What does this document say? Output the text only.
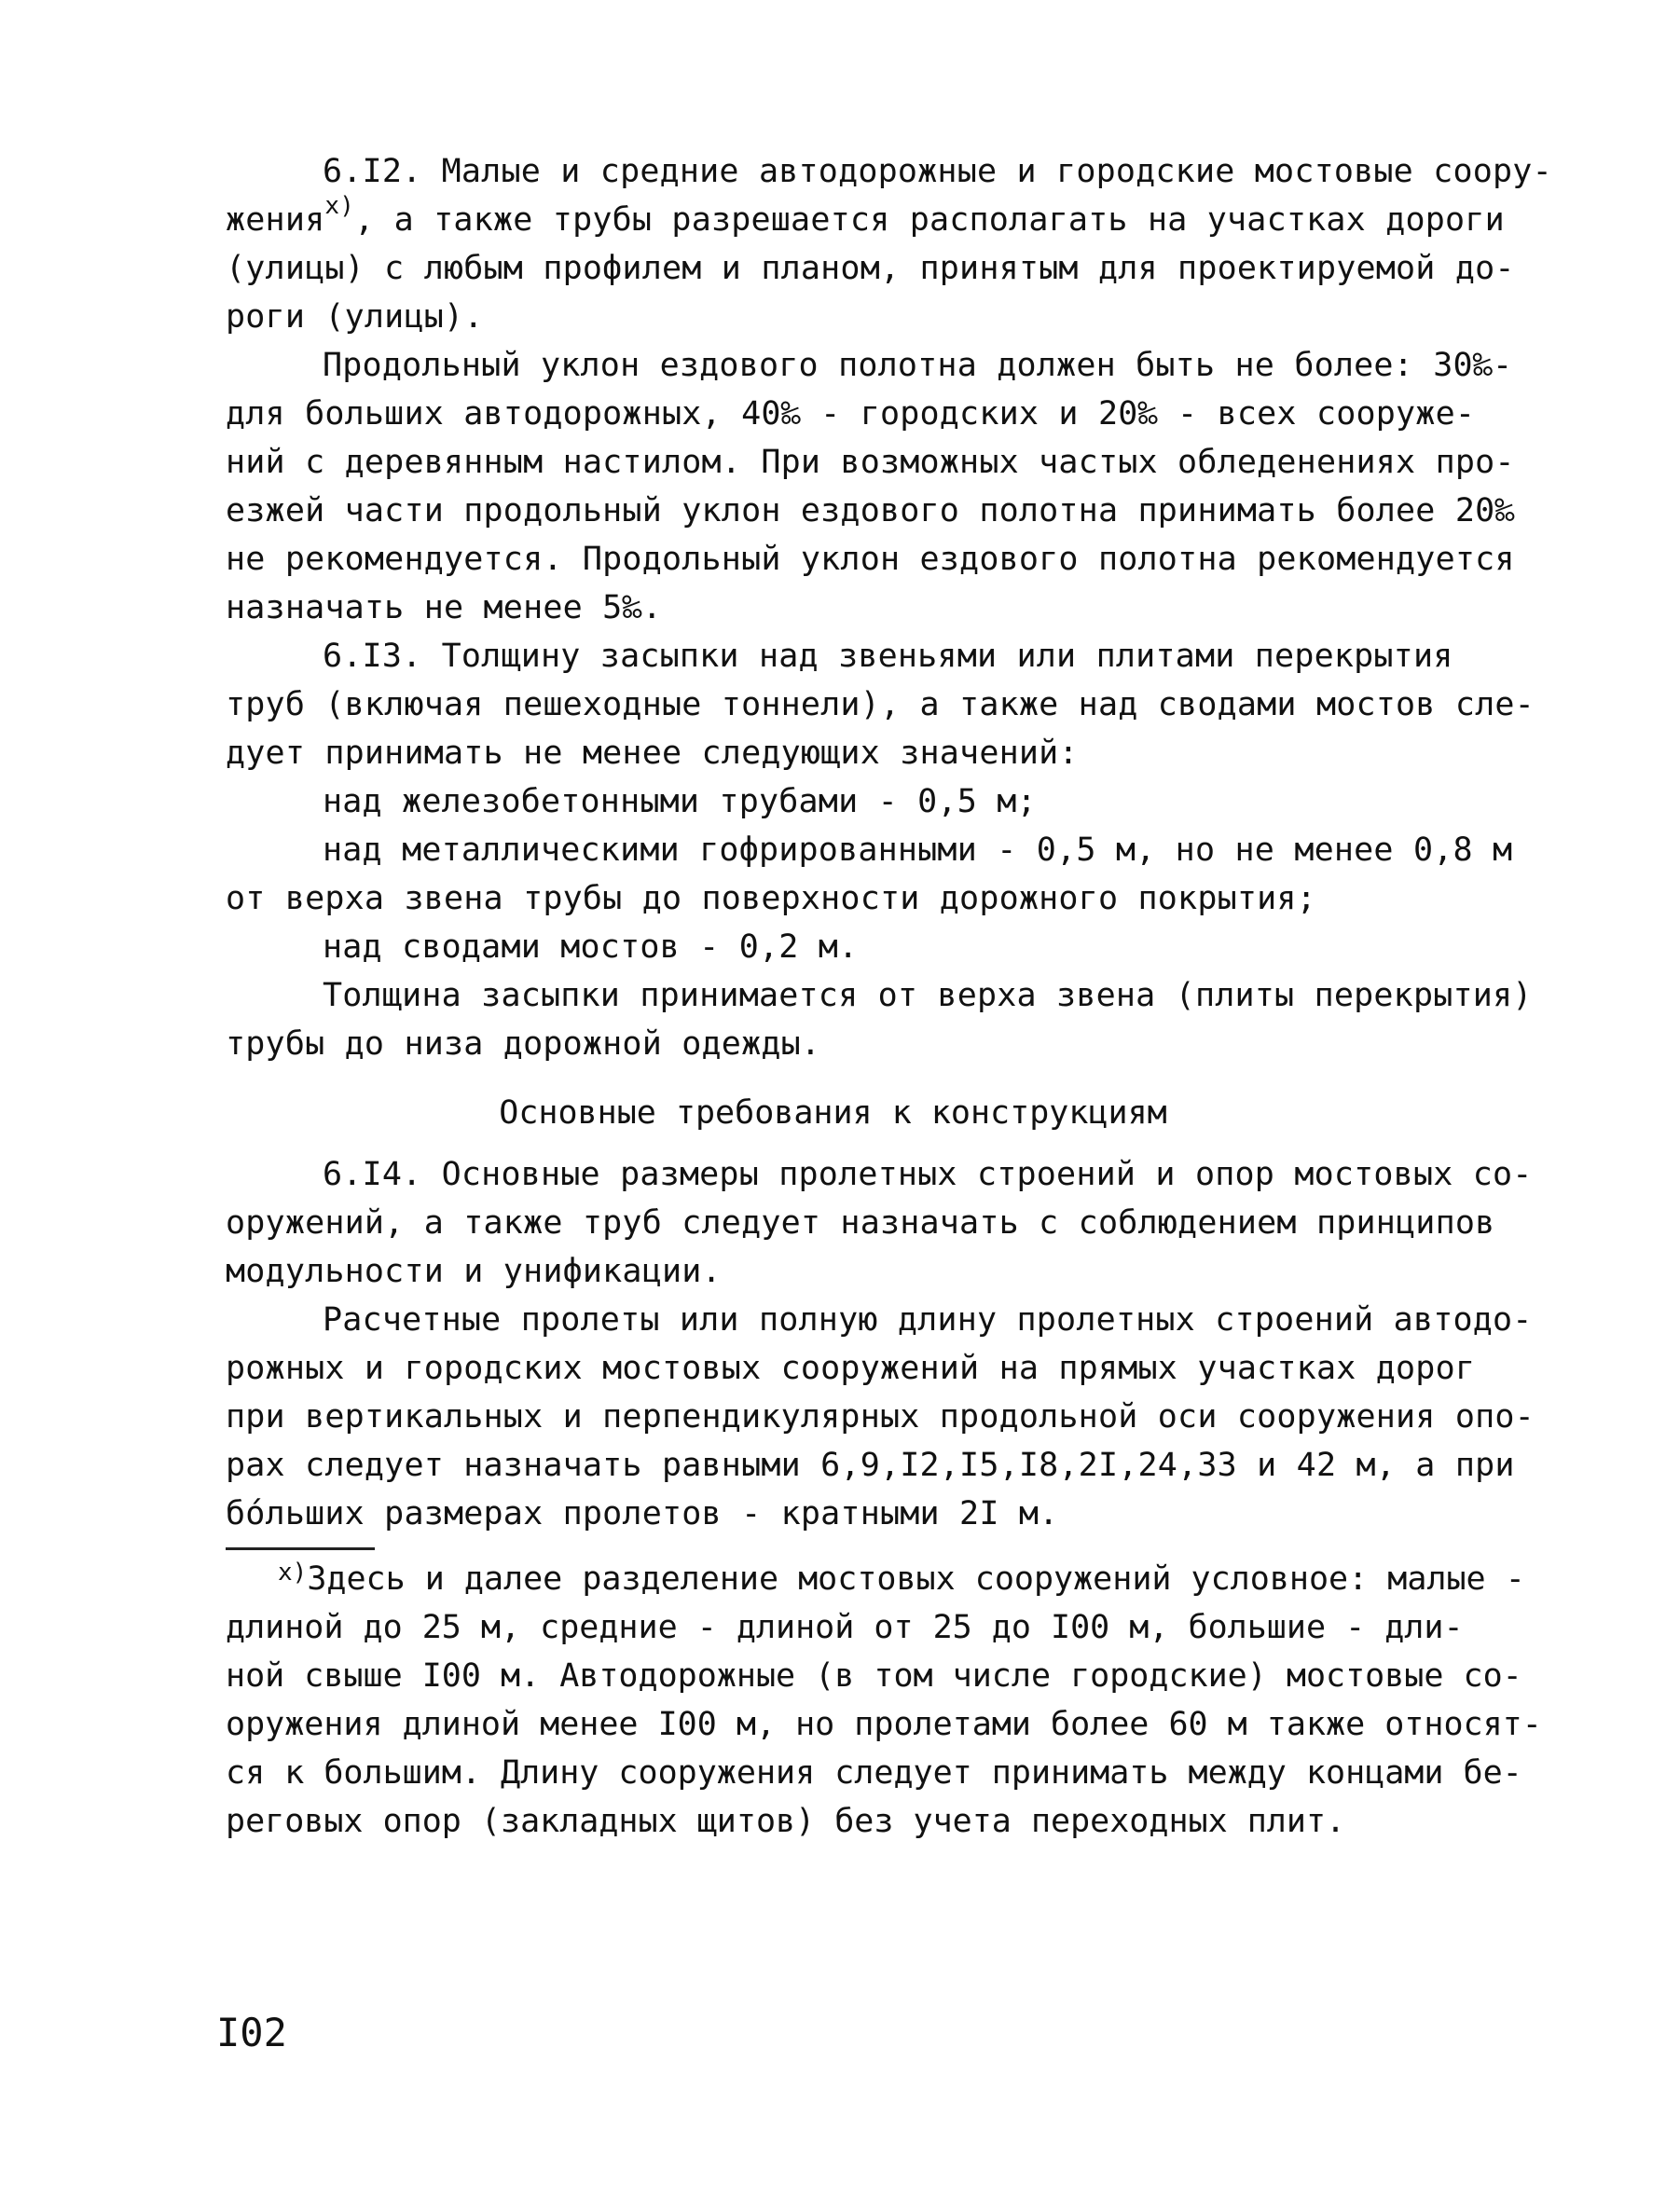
6.I2. Малые и средние автодорожные и городские мостовые соору-
жения$^{x)}$, а также трубы разрешается располагать на участках дороги
(улицы) с любым профилем и планом, принятым для проектируемой до-
роги (улицы).
Продольный уклон ездового полотна должен быть не более: 30‰-
для больших автодорожных, 40‰ - городских и 20‰ - всех сооруже-
ний с деревянным настилом. При возможных частых обледенениях про-
езжей части продольный уклон ездового полотна принимать более 20‰
не рекомендуется. Продольный уклон ездового полотна рекомендуется
назначать не менее 5‰.
6.I3. Толщину засыпки над звеньями или плитами перекрытия
труб (включая пешеходные тоннели), а также над сводами мостов сле-
дует принимать не менее следующих значений:
над железобетонными трубами - 0,5 м;
над металлическими гофрированными - 0,5 м, но не менее 0,8 м
от верха звена трубы до поверхности дорожного покрытия;
над сводами мостов - 0,2 м.
Толщина засыпки принимается от верха звена (плиты перекрытия)
трубы до низа дорожной одежды.
Основные требования к конструкциям
6.I4. Основные размеры пролетных строений и опор мостовых со-
оружений, а также труб следует назначать с соблюдением принципов
модульности и унификации.
Расчетные пролеты или полную длину пролетных строений автодо-
рожных и городских мостовых сооружений на прямых участках дорог
при вертикальных и перпендикулярных продольной оси сооружения опо-
рах следует назначать равными 6,9,I2,I5,I8,2I,24,33 и 42 м, а при
бóльших размерах пролетов - кратными 2I м.
$^{x)}$Здесь и далее разделение мостовых сооружений условное: малые -
длиной до 25 м, средние - длиной от 25 до I00 м, большие - дли-
ной свыше I00 м. Автодорожные (в том числе городские) мостовые со-
оружения длиной менее I00 м, но пролетами более 60 м также относят-
ся к большим. Длину сооружения следует принимать между концами бе-
реговых опор (закладных щитов) без учета переходных плит.
I02
